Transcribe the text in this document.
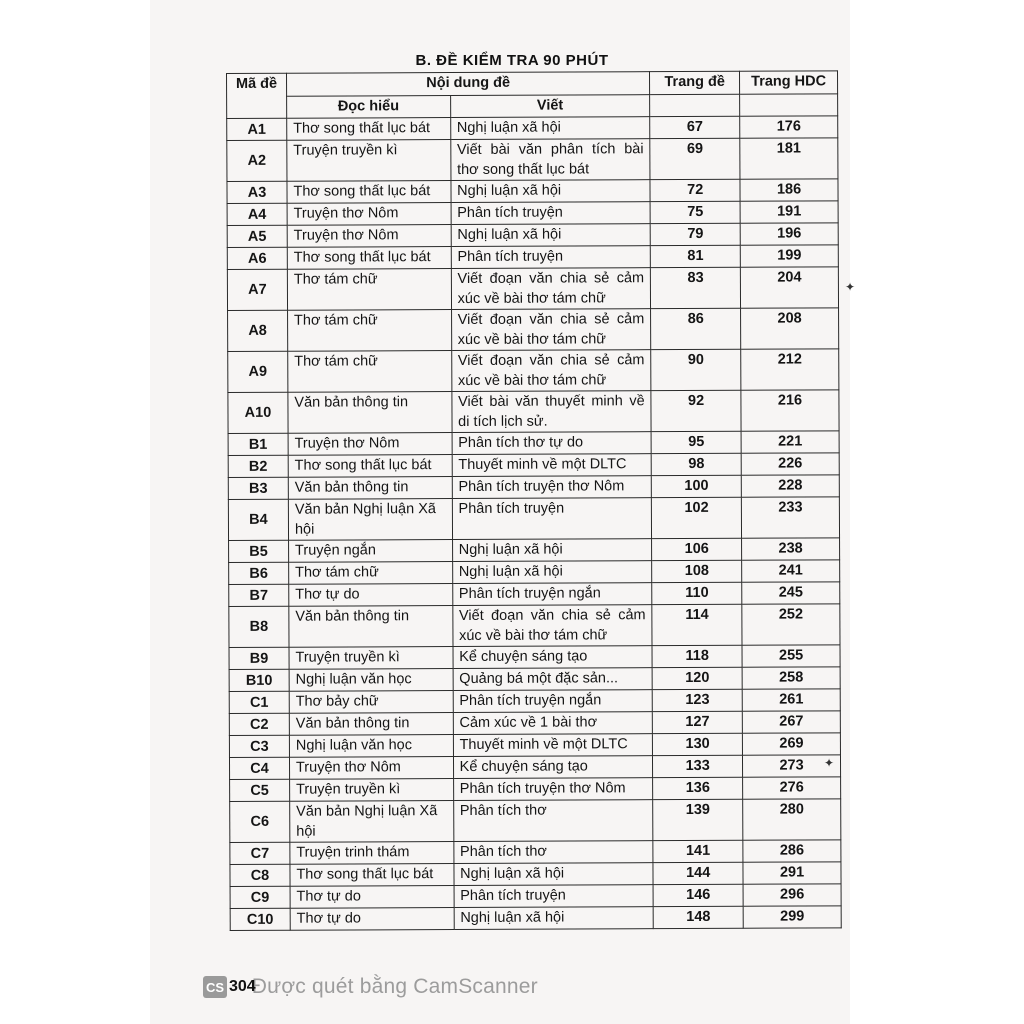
B. ĐỀ KIỂM TRA 90 PHÚT
Mã đề	Nội dung đề		Trang đề	Trang HDC
	Đọc hiểu	Viết		
A1	Thơ song thất lục bát	Nghị luận xã hội	67	176
A2	Truyện truyền kì	Viết bài văn phân tích bài thơ song thất lục bát	69	181
A3	Thơ song thất lục bát	Nghị luận xã hội	72	186
A4	Truyện thơ Nôm	Phân tích truyện	75	191
A5	Truyện thơ Nôm	Nghị luận xã hội	79	196
A6	Thơ song thất lục bát	Phân tích truyện	81	199
A7	Thơ tám chữ	Viết đoạn văn chia sẻ cảm xúc về bài thơ tám chữ	83	204
A8	Thơ tám chữ	Viết đoạn văn chia sẻ cảm xúc về bài thơ tám chữ	86	208
A9	Thơ tám chữ	Viết đoạn văn chia sẻ cảm xúc về bài thơ tám chữ	90	212
A10	Văn bản thông tin	Viết bài văn thuyết minh về di tích lịch sử.	92	216
B1	Truyện thơ Nôm	Phân tích thơ tự do	95	221
B2	Thơ song thất lục bát	Thuyết minh về một DLTC	98	226
B3	Văn bản thông tin	Phân tích truyện thơ Nôm	100	228
B4	Văn bản Nghị luận Xã hội	Phân tích truyện	102	233
B5	Truyện ngắn	Nghị luận xã hội	106	238
B6	Thơ tám chữ	Nghị luận xã hội	108	241
B7	Thơ tự do	Phân tích truyện ngắn	110	245
B8	Văn bản thông tin	Viết đoạn văn chia sẻ cảm xúc về bài thơ tám chữ	114	252
B9	Truyện truyền kì	Kể chuyện sáng tạo	118	255
B10	Nghị luận văn học	Quảng bá một đặc sản...	120	258
C1	Thơ bảy chữ	Phân tích truyện ngắn	123	261
C2	Văn bản thông tin	Cảm xúc về 1 bài thơ	127	267
C3	Nghị luận văn học	Thuyết minh về một DLTC	130	269
C4	Truyện thơ Nôm	Kể chuyện sáng tạo	133	273
C5	Truyện truyền kì	Phân tích truyện thơ Nôm	136	276
C6	Văn bản Nghị luận Xã hội	Phân tích thơ	139	280
C7	Truyện trinh thám	Phân tích thơ	141	286
C8	Thơ song thất lục bát	Nghị luận xã hội	144	291
C9	Thơ tự do	Phân tích truyện	146	296
C10	Thơ tự do	Nghị luận xã hội	148	299
✦
✦
CS 304
Được quét bằng CamScanner
